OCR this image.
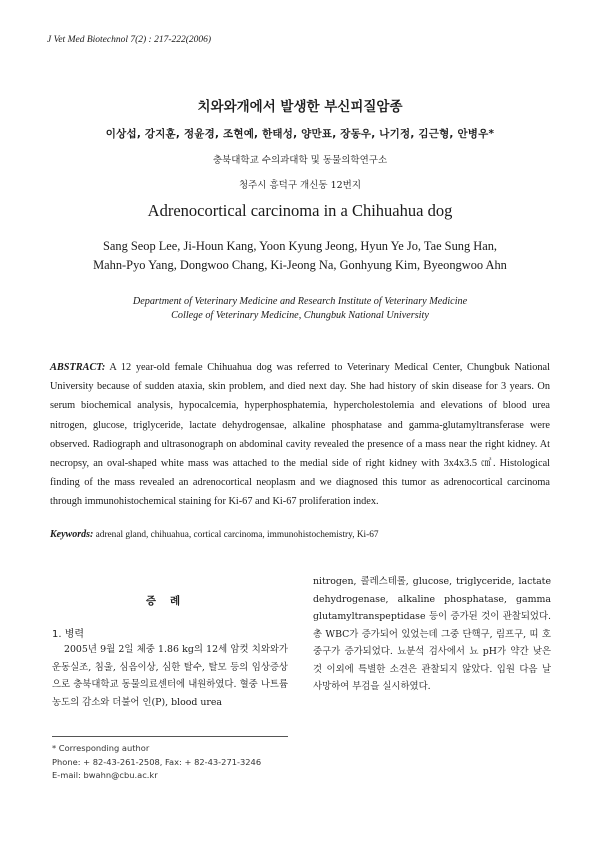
J Vet Med Biotechnol 7(2) : 217-222(2006)
치와와개에서 발생한 부신피질암종
이상섭, 강지훈, 정윤경, 조현예, 한태성, 양만표, 장동우, 나기정, 김근형, 안병우*
충북대학교 수의과대학 및 동물의학연구소
청주시 흥덕구 개신동 12번지
Adrenocortical carcinoma in a Chihuahua dog
Sang Seop Lee, Ji-Houn Kang, Yoon Kyung Jeong, Hyun Ye Jo, Tae Sung Han,
Mahn-Pyo Yang, Dongwoo Chang, Ki-Jeong Na, Gonhyung Kim, Byeongwoo Ahn
Department of Veterinary Medicine and Research Institute of Veterinary Medicine
College of Veterinary Medicine, Chungbuk National University
ABSTRACT: A 12 year-old female Chihuahua dog was referred to Veterinary Medical Center, Chungbuk National University because of sudden ataxia, skin problem, and died next day. She had history of skin disease for 3 years. On serum biochemical analysis, hypocalcemia, hyperphosphatemia, hypercholestolemia and elevations of blood urea nitrogen, glucose, triglyceride, lactate dehydrogensae, alkaline phosphatase and gamma-glutamyltransferase were observed. Radiograph and ultrasonograph on abdominal cavity revealed the presence of a mass near the right kidney. At necropsy, an oval-shaped white mass was attached to the medial side of right kidney with 3x4x3.5 ㎤. Histological finding of the mass revealed an adrenocortical neoplasm and we diagnosed this tumor as adrenocortical carcinoma through immunohistochemical staining for Ki-67 and Ki-67 proliferation index.
Keywords: adrenal gland, chihuahua, cortical carcinoma, immunohistochemistry, Ki-67
증례
1. 병력

2005년 9월 2일 체중 1.86 kg의 12세 암컷 치와와가 운동실조, 침울, 심음이상, 심한 탈수, 탈모 등의 임상증상으로 충북대학교 동물의료센터에 내원하였다. 혈중 나트륨농도의 감소와 더불어 인(P), blood urea

nitrogen, 콜레스테롤, glucose, triglyceride, lactate dehydrogenase, alkaline phosphatase, gamma glutamyltranspeptidase 등이 증가된 것이 관찰되었다. 총 WBC가 증가되어 있었는데 그중 단핵구, 림프구, 띠 호중구가 증가되었다. 뇨분석 검사에서 뇨 pH가 약간 낮은 것 이외에 특별한 소견은 관찰되지 않았다. 입원 다음 날 사망하여 부검을 실시하였다.

* Corresponding author
Phone: + 82-43-261-2508, Fax: + 82-43-271-3246
E-mail: bwahn@cbu.ac.kr
